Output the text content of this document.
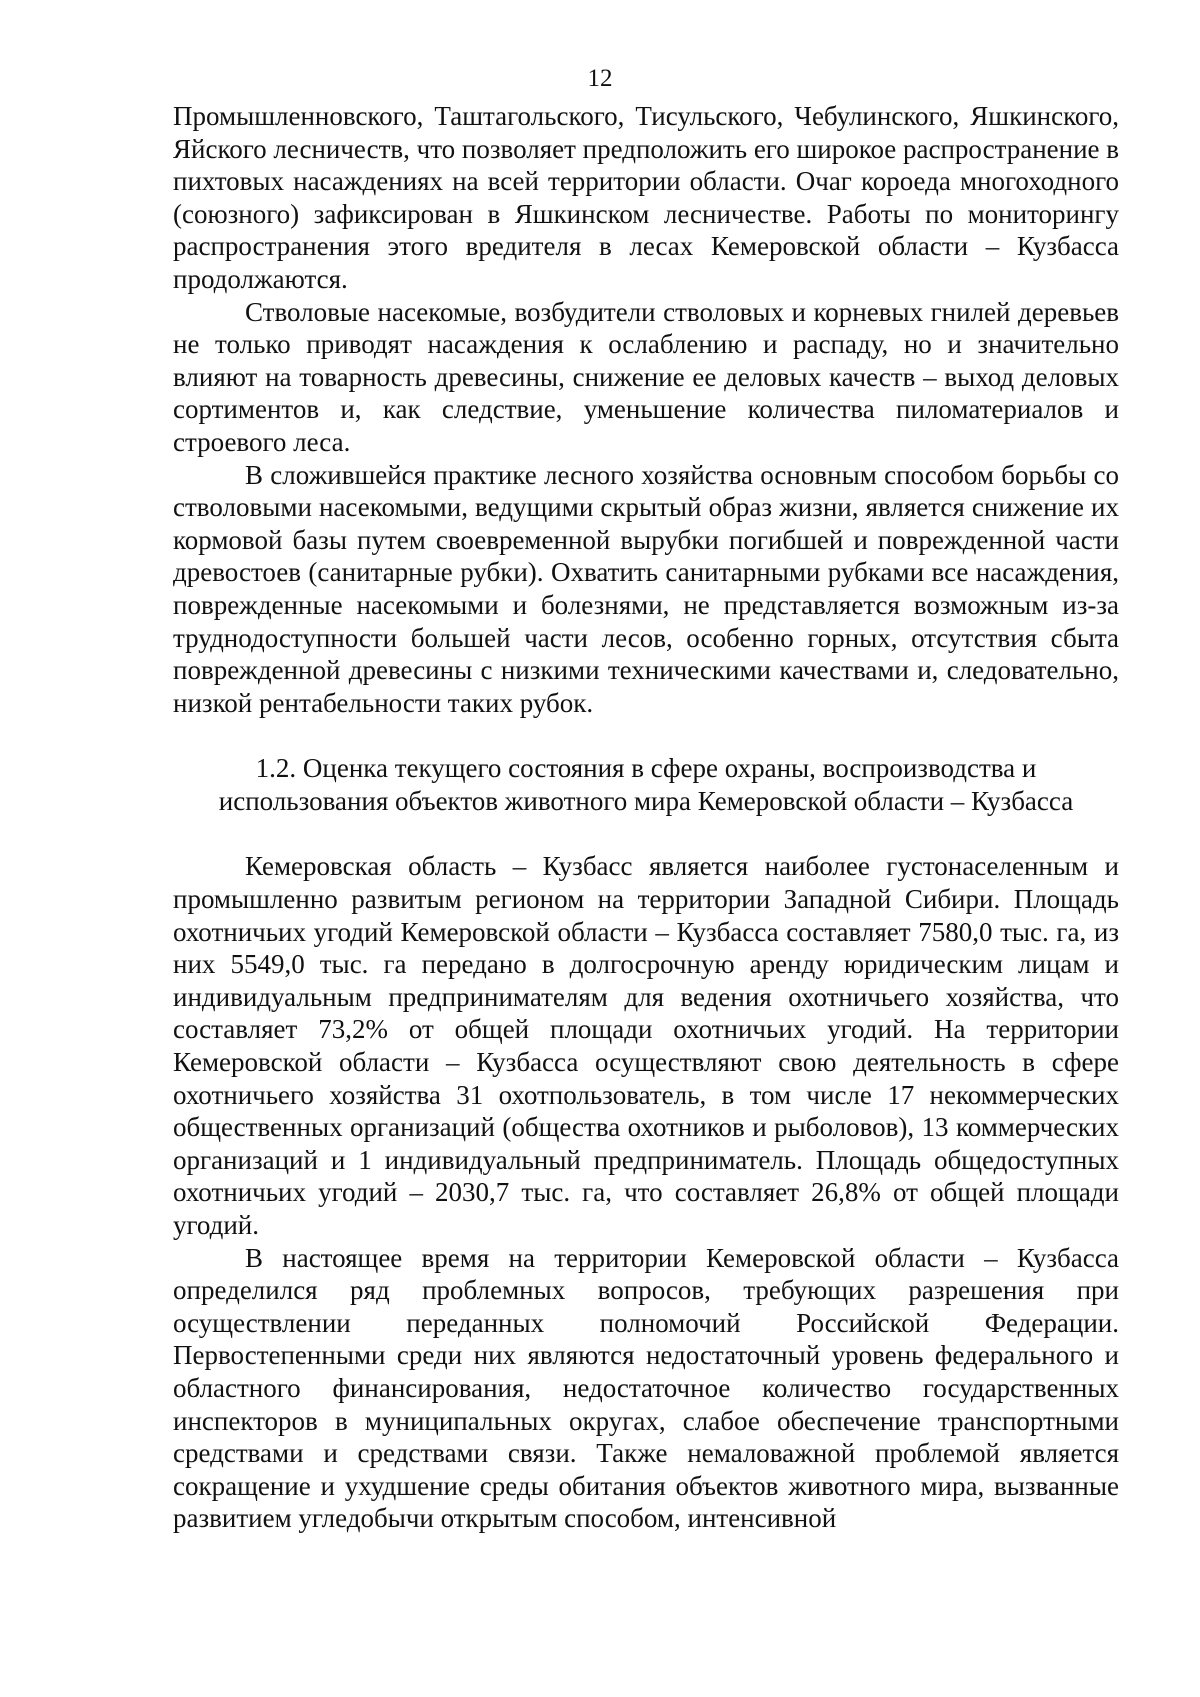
12

Промышленновского, Таштагольского, Тисульского, Чебулинского, Яшкинского, Яйского лесничеств, что позволяет предположить его широкое распространение в пихтовых насаждениях на всей территории области. Очаг короеда многоходного (союзного) зафиксирован в Яшкинском лесничестве. Работы по мониторингу распространения этого вредителя в лесах Кемеровской области – Кузбасса продолжаются.

Стволовые насекомые, возбудители стволовых и корневых гнилей деревьев не только приводят насаждения к ослаблению и распаду, но и значительно влияют на товарность древесины, снижение ее деловых качеств – выход деловых сортиментов и, как следствие, уменьшение количества пиломатериалов и строевого леса.

В сложившейся практике лесного хозяйства основным способом борьбы со стволовыми насекомыми, ведущими скрытый образ жизни, является снижение их кормовой базы путем своевременной вырубки погибшей и поврежденной части древостоев (санитарные рубки). Охватить санитарными рубками все насаждения, поврежденные насекомыми и болезнями, не представляется возможным из-за труднодоступности большей части лесов, особенно горных, отсутствия сбыта поврежденной древесины с низкими техническими качествами и, следовательно, низкой рентабельности таких рубок.

1.2. Оценка текущего состояния в сфере охраны, воспроизводства и
использования объектов животного мира Кемеровской области – Кузбасса

Кемеровская область – Кузбасс является наиболее густонаселенным и промышленно развитым регионом на территории Западной Сибири. Площадь охотничьих угодий Кемеровской области – Кузбасса составляет 7580,0 тыс. га, из них 5549,0 тыс. га передано в долгосрочную аренду юридическим лицам и индивидуальным предпринимателям для ведения охотничьего хозяйства, что составляет 73,2% от общей площади охотничьих угодий. На территории Кемеровской области – Кузбасса осуществляют свою деятельность в сфере охотничьего хозяйства 31 охотпользователь, в том числе 17 некоммерческих общественных организаций (общества охотников и рыболовов), 13 коммерческих организаций и 1 индивидуальный предприниматель. Площадь общедоступных охотничьих угодий – 2030,7 тыс. га, что составляет 26,8% от общей площади угодий.

В настоящее время на территории Кемеровской области – Кузбасса определился ряд проблемных вопросов, требующих разрешения при осуществлении переданных полномочий Российской Федерации. Первостепенными среди них являются недостаточный уровень федерального и областного финансирования, недостаточное количество государственных инспекторов в муниципальных округах, слабое обеспечение транспортными средствами и средствами связи. Также немаловажной проблемой является сокращение и ухудшение среды обитания объектов животного мира, вызванные развитием угледобычи открытым способом, интенсивной
